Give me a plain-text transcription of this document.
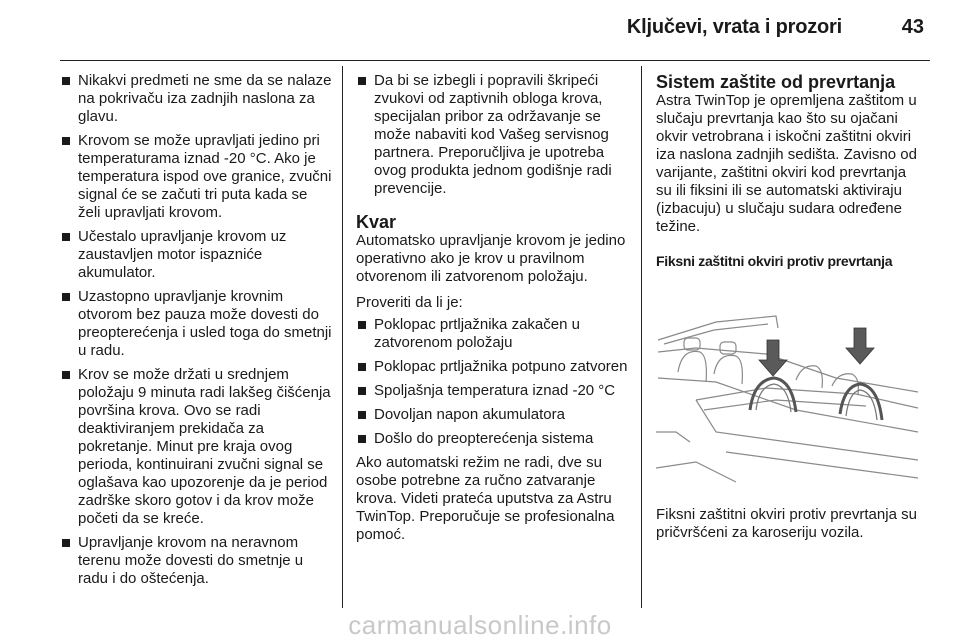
Ključevi, vrata i prozori	43
Nikakvi predmeti ne sme da se nalaze na pokrivaču iza zadnjih naslona za glavu.
Krovom se može upravljati jedino pri temperaturama iznad -20 °C. Ako je temperatura ispod ove granice, zvučni signal će se začuti tri puta kada se želi upravljati krovom.
Učestalo upravljanje krovom uz zaustavljen motor ispazniće akumulator.
Uzastopno upravljanje krovnim otvorom bez pauza može dovesti do preopterećenja i usled toga do smetnji u radu.
Krov se može držati u srednjem položaju 9 minuta radi lakšeg čišćenja površina krova. Ovo se radi deaktiviranjem prekidača za pokretanje. Minut pre kraja ovog perioda, kontinuirani zvučni signal se oglašava kao upozorenje da je period zadrške skoro gotov i da krov može početi da se kreće.
Upravljanje krovom na neravnom terenu može dovesti do smetnje u radu i do oštećenja.
Da bi se izbegli i popravili škripeći zvukovi od zaptivnih obloga krova, specijalan pribor za održavanje se može nabaviti kod Vašeg servisnog partnera. Preporučljiva je upotreba ovog produkta jednom godišnje radi prevencije.
Kvar

Automatsko upravljanje krovom je jedino operativno ako je krov u pravilnom otvorenom ili zatvorenom položaju.

Proveriti da li je:

Poklopac prtljažnika zakačen u zatvorenom položaju
Poklopac prtljažnika potpuno zatvoren
Spoljašnja temperatura iznad -20 °C
Dovoljan napon akumulatora
Došlo do preopterećenja sistema

Ako automatski režim ne radi, dve su osobe potrebne za ručno zatvaranje krova. Videti prateća uputstva za Astru TwinTop. Preporučuje se profesionalna pomoć.

Sistem zaštite od prevrtanja

Astra TwinTop je opremljena zaštitom u slučaju prevrtanja kao što su ojačani okvir vetrobrana i iskočni zaštitni okviri iza naslona zadnjih sedišta. Zavisno od varijante, zaštitni okviri kod prevrtanja su ili fiksini ili se automatski aktiviraju (izbacuju) u slučaju sudara određene težine.

Fiksni zaštitni okviri protiv prevrtanja

Fiksni zaštitni okviri protiv prevrtanja su pričvršćeni za karoseriju vozila.

carmanualsonline.info
